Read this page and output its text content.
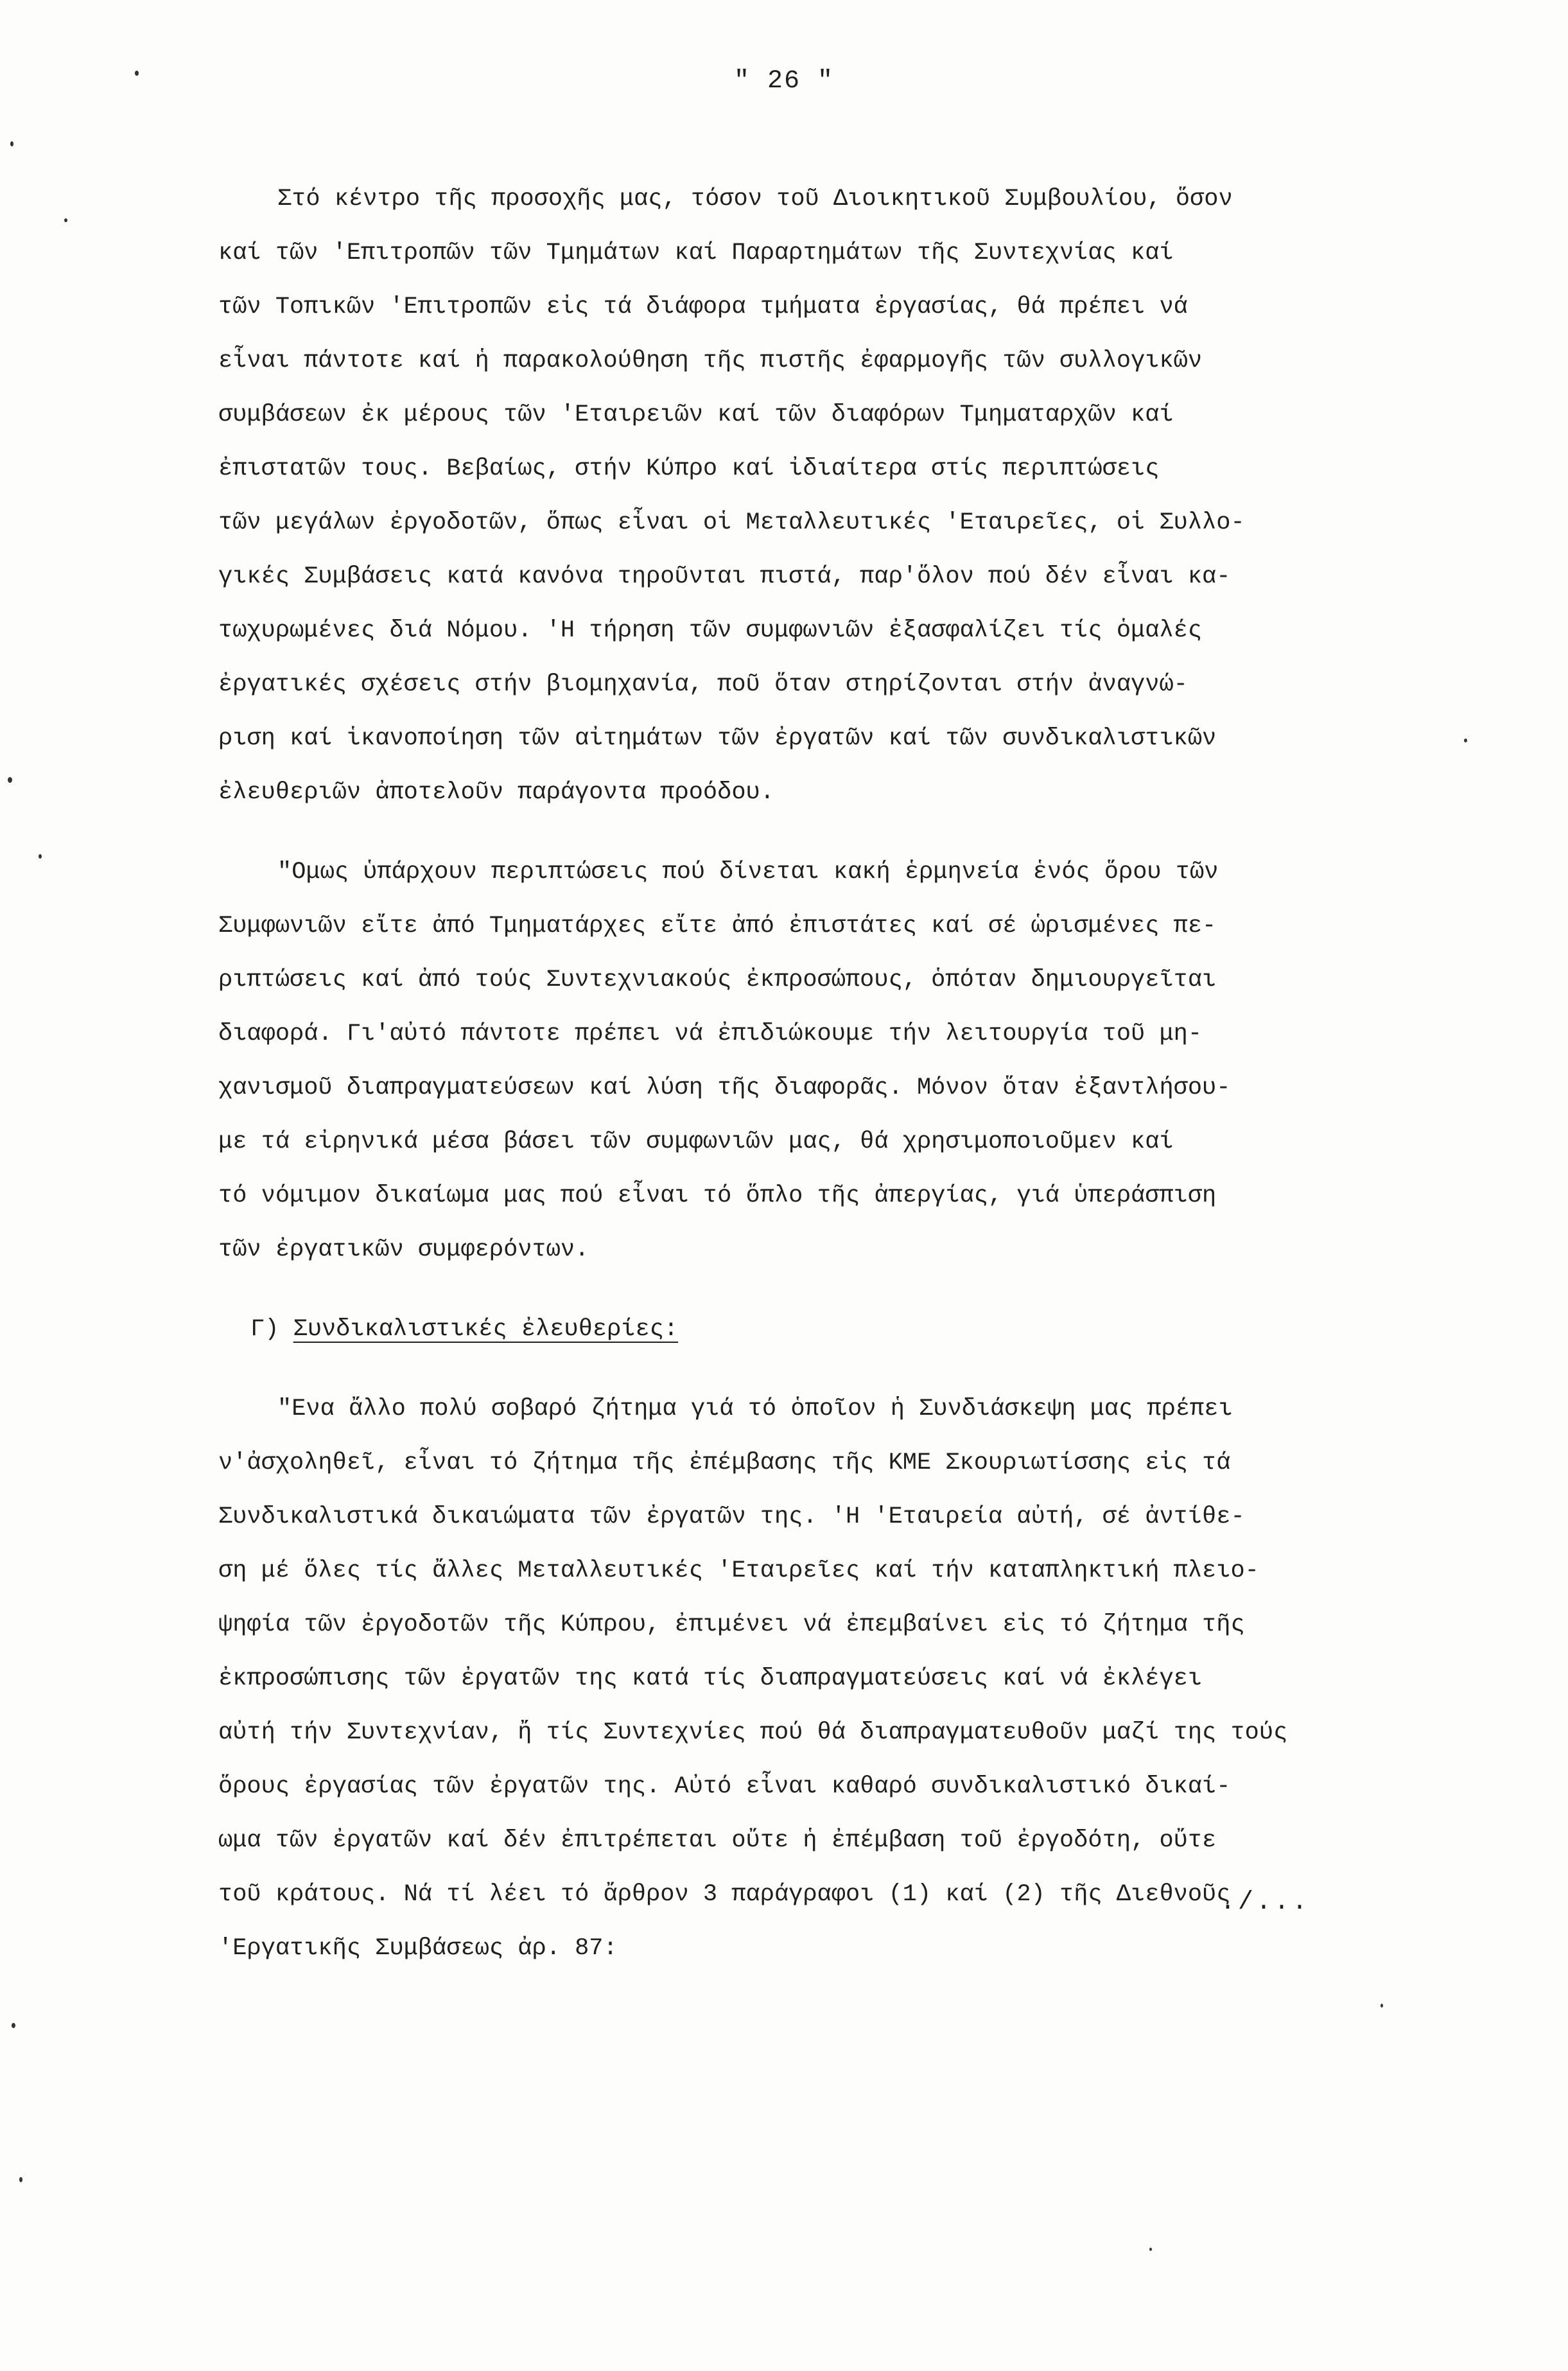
" 26 "
Στό κέντρο τῆς προσοχῆς μας, τόσον τοῦ Διοικητικοῦ Συμβουλίου, ὅσον
καί τῶν 'Επιτροπῶν τῶν Τμημάτων καί Παραρτημάτων τῆς Συντεχνίας καί
τῶν Τοπικῶν 'Επιτροπῶν εἰς τά διάφορα τμήματα ἐργασίας, θά πρέπει νά
εἶναι πάντοτε καί ἡ παρακολούθηση τῆς πιστῆς ἐφαρμογῆς τῶν συλλογικῶν
συμβάσεων ἐκ μέρους τῶν 'Εταιρειῶν καί τῶν διαφόρων Τμηματαρχῶν καί
ἐπιστατῶν τους. Βεβαίως, στήν Κύπρο καί ἰδιαίτερα στίς περιπτώσεις
τῶν μεγάλων ἐργοδοτῶν, ὅπως εἶναι οἱ Μεταλλευτικές 'Εταιρεῖες, οἱ Συλλο-
γικές Συμβάσεις κατά κανόνα τηροῦνται πιστά, παρ'ὅλον πού δέν εἶναι κα-
τωχυρωμένες διά Νόμου. 'Η τήρηση τῶν συμφωνιῶν ἐξασφαλίζει τίς ὁμαλές
ἐργατικές σχέσεις στήν βιομηχανία, ποῦ ὅταν στηρίζονται στήν ἀναγνώ-
ριση καί ἱκανοποίηση τῶν αἰτημάτων τῶν ἐργατῶν καί τῶν συνδικαλιστικῶν
ἐλευθεριῶν ἀποτελοῦν παράγοντα προόδου.
"Ομως ὑπάρχουν περιπτώσεις πού δίνεται κακή ἑρμηνεία ἑνός ὅρου τῶν
Συμφωνιῶν εἴτε ἀπό Τμηματάρχες εἴτε ἀπό ἐπιστάτες καί σέ ὡρισμένες πε-
ριπτώσεις καί ἀπό τούς Συντεχνιακούς ἐκπροσώπους, ὁπόταν δημιουργεῖται
διαφορά. Γι'αὐτό πάντοτε πρέπει νά ἐπιδιώκουμε τήν λειτουργία τοῦ μη-
χανισμοῦ διαπραγματεύσεων καί λύση τῆς διαφορᾶς. Μόνον ὅταν ἐξαντλήσου-
με τά εἰρηνικά μέσα βάσει τῶν συμφωνιῶν μας, θά χρησιμοποιοῦμεν καί
τό νόμιμον δικαίωμα μας πού εἶναι τό ὅπλο τῆς ἀπεργίας, γιά ὑπεράσπιση
τῶν ἐργατικῶν συμφερόντων.
Γ) Συνδικαλιστικές ἐλευθερίες:
"Ενα ἄλλο πολύ σοβαρό ζήτημα γιά τό ὁποῖον ἡ Συνδιάσκεψη μας πρέπει
ν'ἀσχοληθεῖ, εἶναι τό ζήτημα τῆς ἐπέμβασης τῆς ΚΜΕ Σκουριωτίσσης εἰς τά
Συνδικαλιστικά δικαιώματα τῶν ἐργατῶν της. 'Η 'Εταιρεία αὐτή, σέ ἀντίθε-
ση μέ ὅλες τίς ἄλλες Μεταλλευτικές 'Εταιρεῖες καί τήν καταπληκτική πλειο-
ψηφία τῶν ἐργοδοτῶν τῆς Κύπρου, ἐπιμένει νά ἐπεμβαίνει εἰς τό ζήτημα τῆς
ἐκπροσώπισης τῶν ἐργατῶν της κατά τίς διαπραγματεύσεις καί νά ἐκλέγει
αὐτή τήν Συντεχνίαν, ἤ τίς Συντεχνίες πού θά διαπραγματευθοῦν μαζί της τούς
ὅρους ἐργασίας τῶν ἐργατῶν της. Αὐτό εἶναι καθαρό συνδικαλιστικό δικαί-
ωμα τῶν ἐργατῶν καί δέν ἐπιτρέπεται οὔτε ἡ ἐπέμβαση τοῦ ἐργοδότη, οὔτε
τοῦ κράτους. Νά τί λέει τό ἄρθρον 3 παράγραφοι (1) καί (2) τῆς Διεθνοῦς
'Εργατικῆς Συμβάσεως ἀρ. 87:
./...
